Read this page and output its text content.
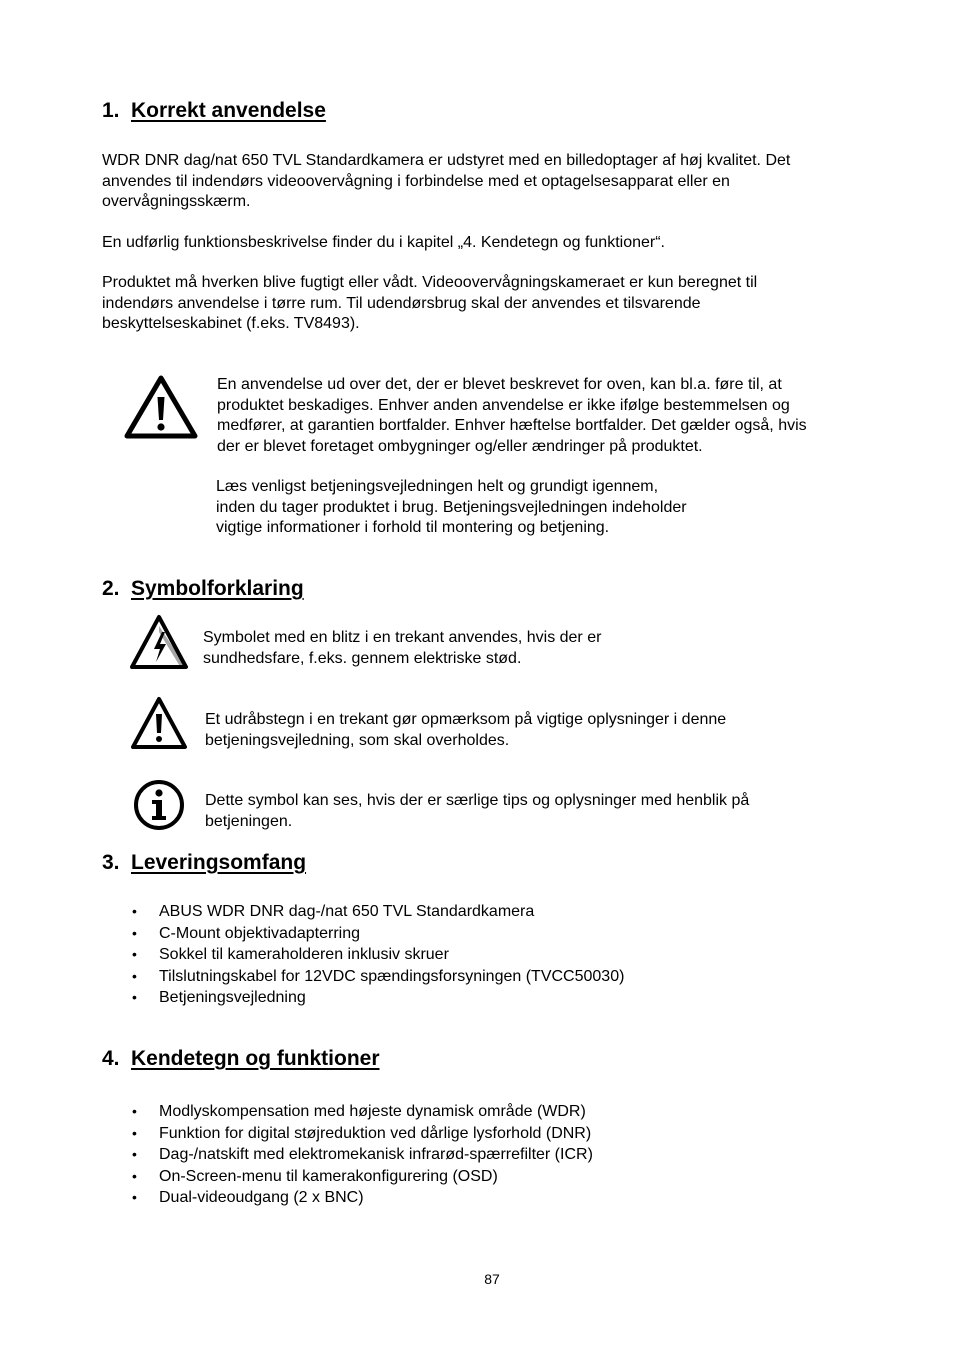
1. Korrekt anvendelse
WDR DNR dag/nat 650 TVL Standardkamera er udstyret med en billedoptager af høj kvalitet. Det
anvendes til indendørs videoovervågning i forbindelse med et optagelsesapparat eller en
overvågningsskærm.
En udførlig funktionsbeskrivelse finder du i kapitel „4. Kendetegn og funktioner“.
Produktet må hverken blive fugtigt eller vådt. Videoovervågningskameraet er kun beregnet til
indendørs anvendelse i tørre rum. Til udendørsbrug skal der anvendes et tilsvarende
beskyttelseskabinet (f.eks. TV8493).
En anvendelse ud over det, der er blevet beskrevet for oven, kan bl.a. føre til, at
produktet beskadiges. Enhver anden anvendelse er ikke ifølge bestemmelsen og
medfører, at garantien bortfalder. Enhver hæftelse bortfalder. Det gælder også, hvis
der er blevet foretaget ombygninger og/eller ændringer på produktet.
Læs venligst betjeningsvejledningen helt og grundigt igennem,
inden du tager produktet i brug. Betjeningsvejledningen indeholder
vigtige informationer i forhold til montering og betjening.
2. Symbolforklaring
Symbolet med en blitz i en trekant anvendes, hvis der er
sundhedsfare, f.eks. gennem elektriske stød.
Et udråbstegn i en trekant gør opmærksom på vigtige oplysninger i denne
betjeningsvejledning, som skal overholdes.
Dette symbol kan ses, hvis der er særlige tips og oplysninger med henblik på
betjeningen.
3. Leveringsomfang
• ABUS WDR DNR dag-/nat 650 TVL Standardkamera
• C-Mount objektivadapterring
• Sokkel til kameraholderen inklusiv skruer
• Tilslutningskabel for 12VDC spændingsforsyningen (TVCC50030)
• Betjeningsvejledning
4. Kendetegn og funktioner
• Modlyskompensation med højeste dynamisk område (WDR)
• Funktion for digital støjreduktion ved dårlige lysforhold (DNR)
• Dag-/natskift med elektromekanisk infrarød-spærrefilter (ICR)
• On-Screen-menu til kamerakonfigurering (OSD)
• Dual-videoudgang (2 x BNC)
87
